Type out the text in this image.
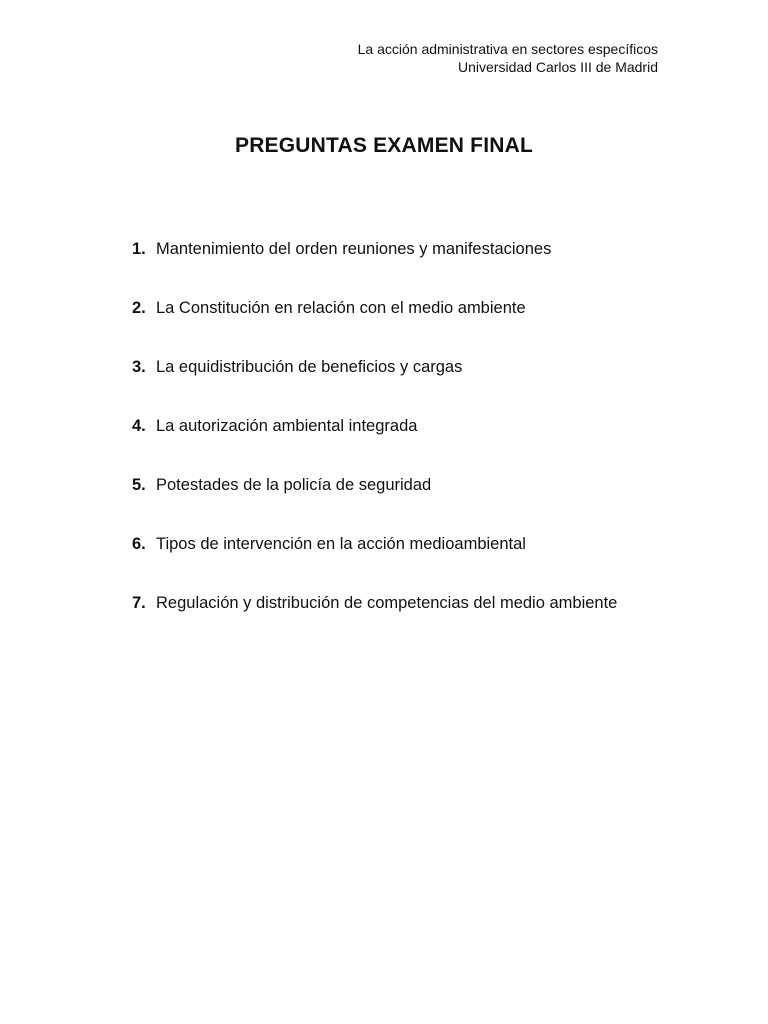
La acción administrativa en sectores específicos
Universidad Carlos III de Madrid
PREGUNTAS EXAMEN FINAL
1. Mantenimiento del orden reuniones y manifestaciones
2. La Constitución en relación con el medio ambiente
3. La equidistribución de beneficios y cargas
4. La autorización ambiental integrada
5. Potestades de la policía de seguridad
6. Tipos de intervención en la acción medioambiental
7. Regulación y distribución de competencias del medio ambiente
